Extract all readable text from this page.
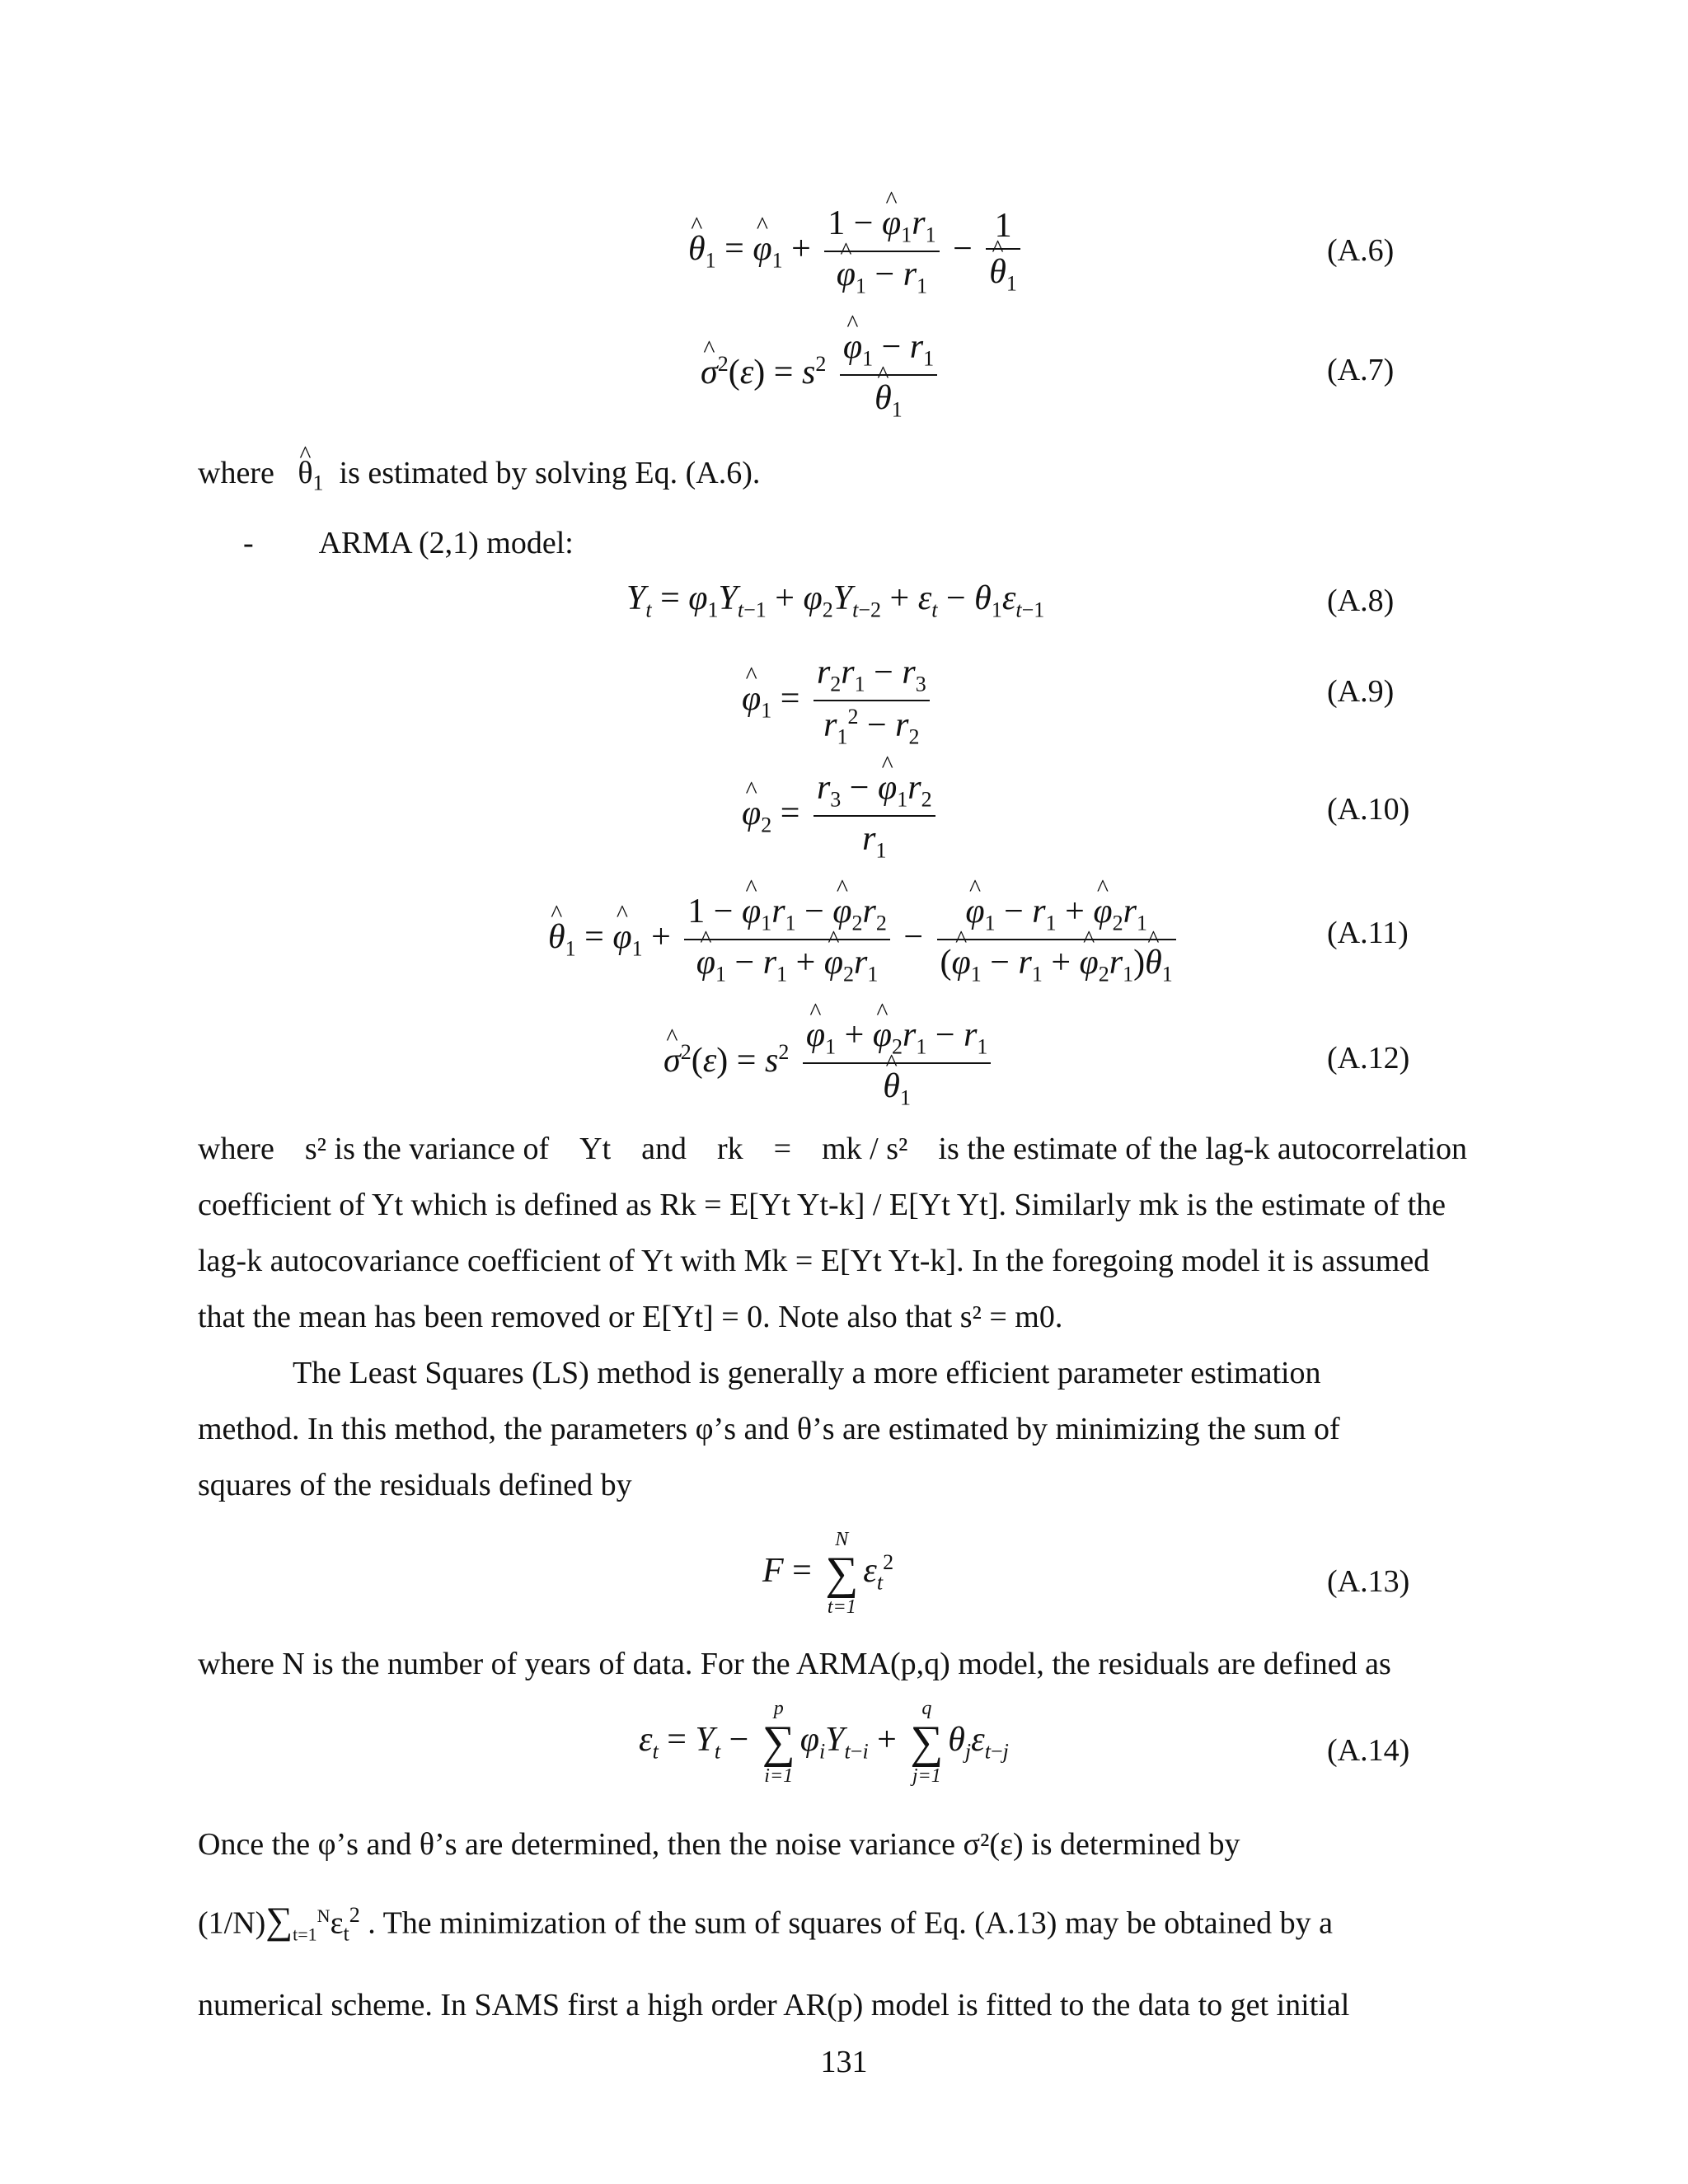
^ $\theta_1$ = ^ $\varphi_1 + 1$ − ^ $\varphi_1r_1$
^ $\varphi_1 - r_1 - 1$
^ $\theta_1$	(A.6)
^ $\sigma^2(\varepsilon) = s^2$ ^ $\varphi_1 - r_1$
^ $\theta_1$	(A.7)
where ^ $\theta_1$ is estimated by solving Eq. (A.6).
- ARMA (2,1) model:
$Y_t = \varphi_1Y_{t-1} + \varphi_2Y_{t-2} + \varepsilon_t - \theta_1\varepsilon_{t-1}$	(A.8)
^ $\varphi_1 = \frac{r_2r_1 - r_3}{r_1^2 - r_2}$	(A.9)
^ $\varphi_2 = \frac{r_3 - \^{} \varphi_1r_2}{r_1}$	(A.10)
^ $\theta_1$ = ^ $\varphi_1 + 1$ − ^ $\varphi_1r_1$ − ^ $\varphi_2r_2$
^ $\varphi_1 - r_1$ + ^ $\varphi_2r_1$ − ^ $\frac{\varphi_1 - r_1 + \^{} \varphi_2r_1}{(\^{} \varphi_1 - r_1 + \^{} \varphi_2r_1)\^{} \theta_1}$	(A.11)
^ $\sigma^2(\varepsilon) = s^2$ ^ $\varphi_1$ + ^ $\varphi_2r_1 - r_1$
^ $\theta_1$	(A.12)
where s² is the variance of Yt and rk = mk / s² is the estimate of the lag-k autocorrelation
coefficient of Yt which is defined as Rk = E[Yt Yt-k] / E[Yt Yt]. Similarly mk is the estimate of the
lag-k autocovariance coefficient of Yt with Mk = E[Yt Yt-k]. In the foregoing model it is assumed
that the mean has been removed or E[Yt] = 0. Note also that s² = m0.
The Least Squares (LS) method is generally a more efficient parameter estimation
method. In this method, the parameters φ’s and θ’s are estimated by minimizing the sum of
squares of the residuals defined by
F =
N
∑
t=1
$\varepsilon_t^2$
(A.13)
where N is the number of years of data. For the ARMA(p,q) model, the residuals are defined as
$\varepsilon_t = Y_t$ −
p
∑
i=1
$\varphi_iY_{t-i}$ +
q
∑
j=1
$\theta_j\varepsilon_{t-j}$	(A.14)
Once the φ’s and θ’s are determined, then the noise variance σ²(ε) is determined by
$(1/N)\sum_{t=1}^N\varepsilon_t^2$ . The minimization of the sum of squares of Eq. (A.13) may be obtained by a
numerical scheme. In SAMS first a high order AR(p) model is fitted to the data to get initial
131
